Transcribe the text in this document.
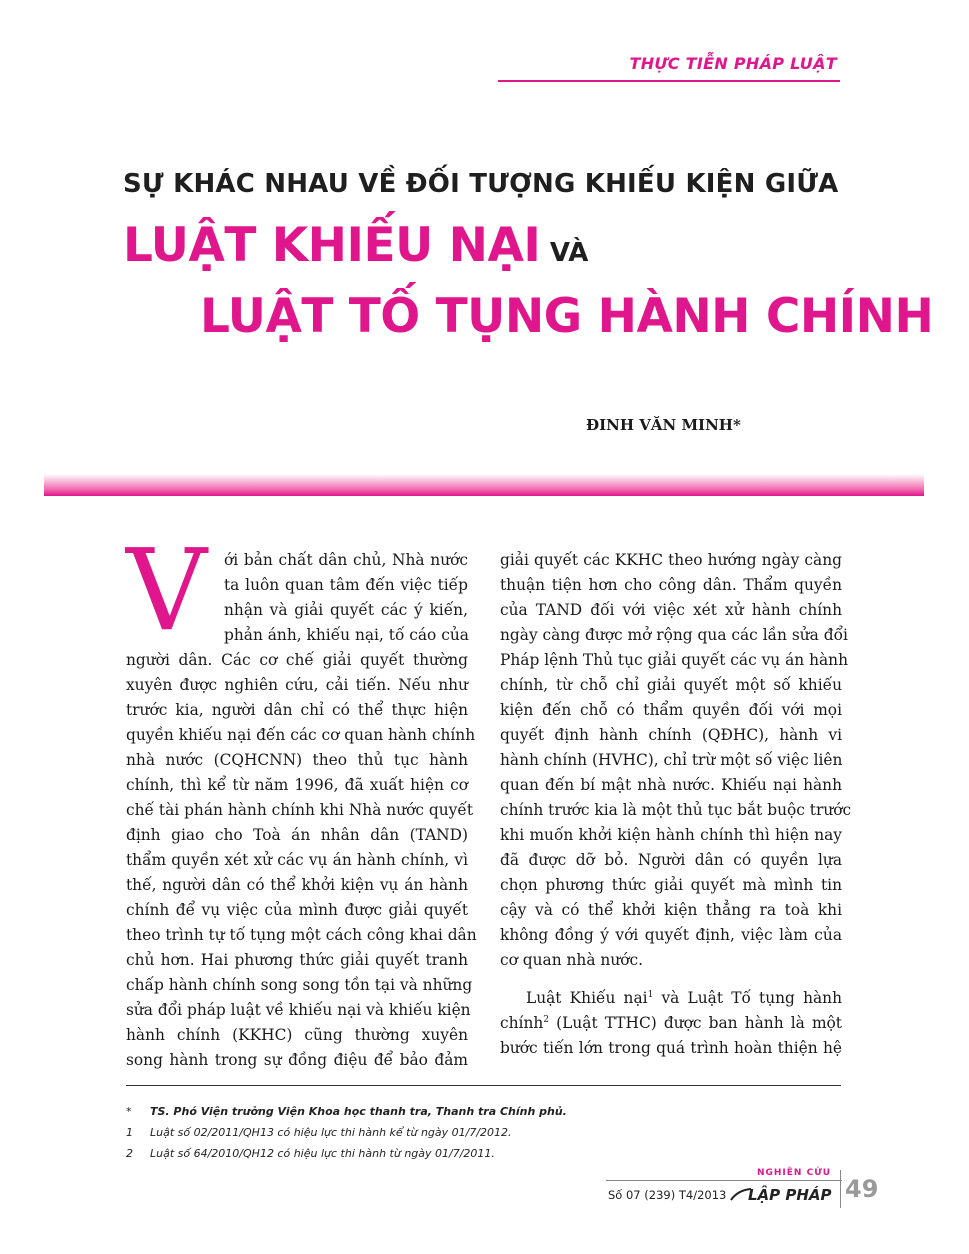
THỰC TIỄN PHÁP LUẬT
SỰ KHÁC NHAU VỀ ĐỐI TƯỢNG KHIẾU KIỆN GIỮA
LUẬT KHIẾU NẠI VÀ
LUẬT TỐ TỤNG HÀNH CHÍNH
ĐINH VĂN MINH*
V	ới bản chất dân chủ, Nhà nước
ta luôn quan tâm đến việc tiếp
nhận và giải quyết các ý kiến,
phản ánh, khiếu nại, tố cáo của
người dân. Các cơ chế giải quyết thường
xuyên được nghiên cứu, cải tiến. Nếu như
trước kia, người dân chỉ có thể thực hiện
quyền khiếu nại đến các cơ quan hành chính
nhà nước (CQHCNN) theo thủ tục hành
chính, thì kể từ năm 1996, đã xuất hiện cơ
chế tài phán hành chính khi Nhà nước quyết
định giao cho Toà án nhân dân (TAND)
thẩm quyền xét xử các vụ án hành chính, vì
thế, người dân có thể khởi kiện vụ án hành
chính để vụ việc của mình được giải quyết
theo trình tự tố tụng một cách công khai dân
chủ hơn. Hai phương thức giải quyết tranh
chấp hành chính song song tồn tại và những
sửa đổi pháp luật về khiếu nại và khiếu kiện
hành chính (KKHC) cũng thường xuyên
song hành trong sự đồng điệu để bảo đảm
giải quyết các KKHC theo hướng ngày càng
thuận tiện hơn cho công dân. Thẩm quyền
của TAND đối với việc xét xử hành chính
ngày càng được mở rộng qua các lần sửa đổi
Pháp lệnh Thủ tục giải quyết các vụ án hành
chính, từ chỗ chỉ giải quyết một số khiếu
kiện đến chỗ có thẩm quyền đối với mọi
quyết định hành chính (QĐHC), hành vi
hành chính (HVHC), chỉ trừ một số việc liên
quan đến bí mật nhà nước. Khiếu nại hành
chính trước kia là một thủ tục bắt buộc trước
khi muốn khởi kiện hành chính thì hiện nay
đã được dỡ bỏ. Người dân có quyền lựa
chọn phương thức giải quyết mà mình tin
cậy và có thể khởi kiện thẳng ra toà khi
không đồng ý với quyết định, việc làm của
cơ quan nhà nước.
Luật Khiếu nại$^1$ và Luật Tố tụng hành
chính$^2$ (Luật TTHC) được ban hành là một
bước tiến lớn trong quá trình hoàn thiện hệ
*	TS. Phó Viện trưởng Viện Khoa học thanh tra, Thanh tra Chính phủ.
1	Luật số 02/2011/QH13 có hiệu lực thi hành kể từ ngày 01/7/2012.
2	Luật số 64/2010/QH12 có hiệu lực thi hành từ ngày 01/7/2011.
Số 07 (239) T4/2013
NGHIÊN CỨU
LẬP PHÁP 49
